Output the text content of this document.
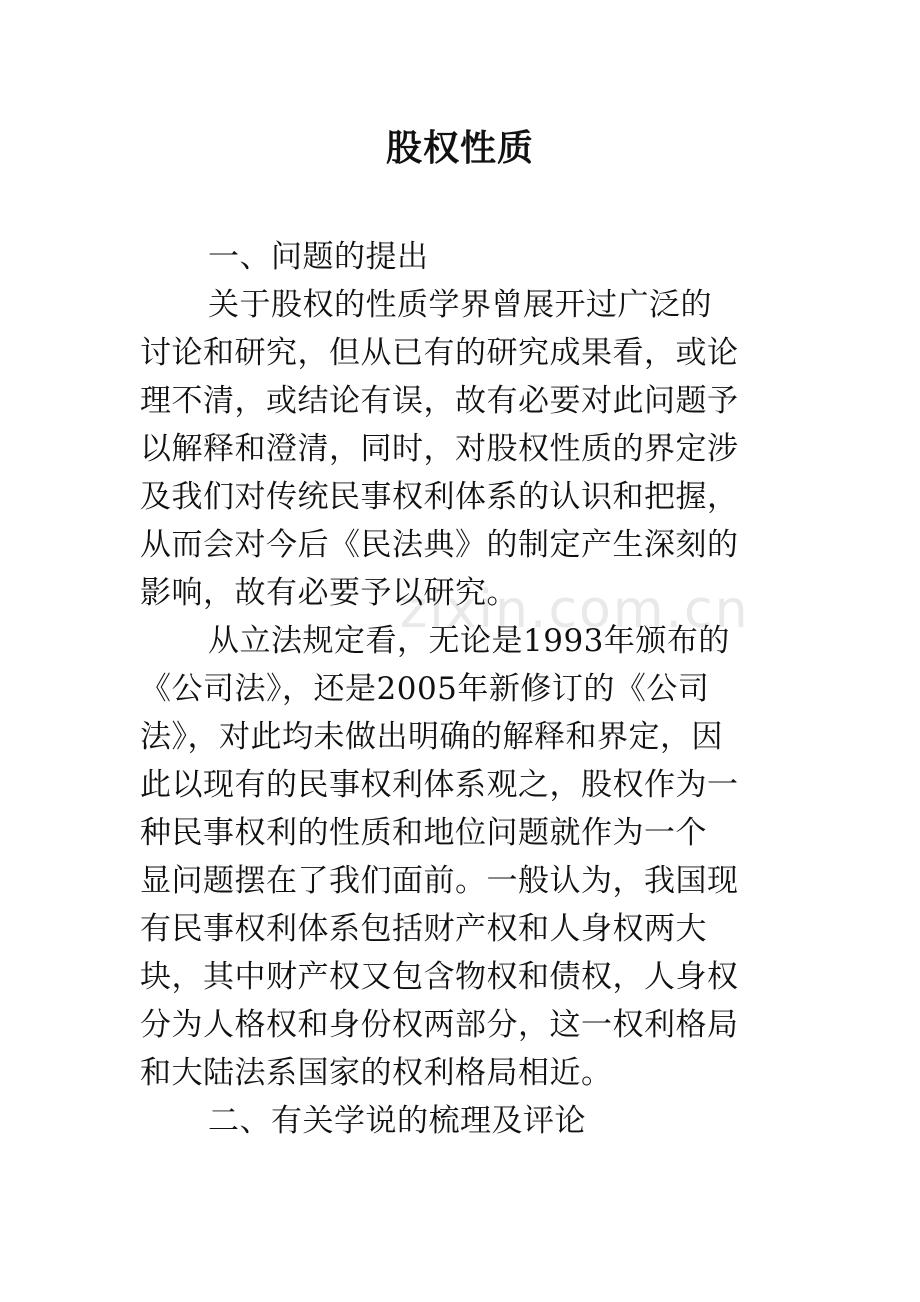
zixin.com.cn
股权性质
一、问题的提出
关于股权的性质学界曾展开过广泛的
讨论和研究，但从已有的研究成果看，或论
理不清，或结论有误，故有必要对此问题予
以解释和澄清，同时，对股权性质的界定涉
及我们对传统民事权利体系的认识和把握，
从而会对今后《民法典》的制定产生深刻的
影响，故有必要予以研究。
从立法规定看，无论是1993年颁布的
《公司法》，还是2005年新修订的《公司
法》，对此均未做出明确的解释和界定，因
此以现有的民事权利体系观之，股权作为一
种民事权利的性质和地位问题就作为一个
显问题摆在了我们面前。一般认为，我国现
有民事权利体系包括财产权和人身权两大
块，其中财产权又包含物权和债权，人身权
分为人格权和身份权两部分，这一权利格局
和大陆法系国家的权利格局相近。
二、有关学说的梳理及评论
